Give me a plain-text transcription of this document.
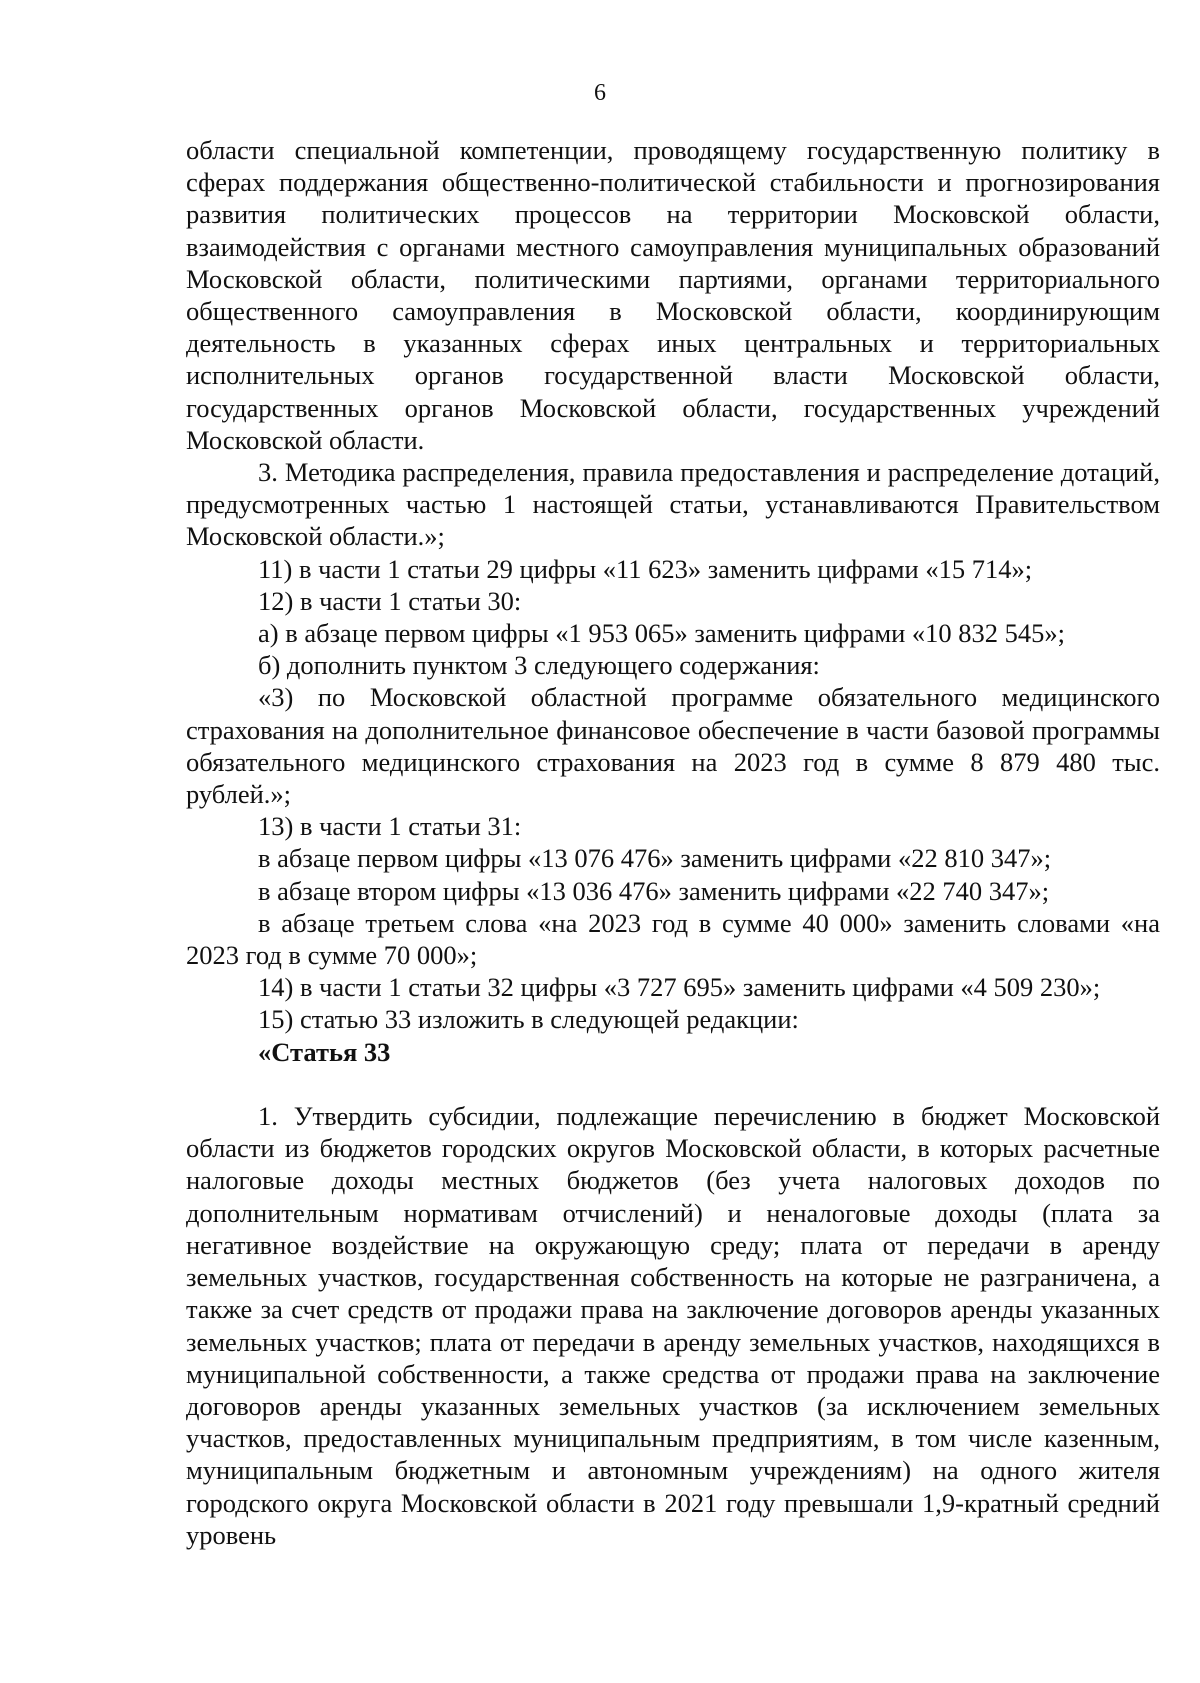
6

области специальной компетенции, проводящему государственную политику в сферах поддержания общественно-политической стабильности и прогнозирования развития политических процессов на территории Московской области, взаимодействия с органами местного самоуправления муниципальных образований Московской области, политическими партиями, органами территориального общественного самоуправления в Московской области, координирующим деятельность в указанных сферах иных центральных и территориальных исполнительных органов государственной власти Московской области, государственных органов Московской области, государственных учреждений Московской области.

3. Методика распределения, правила предоставления и распределение дотаций, предусмотренных частью 1 настоящей статьи, устанавливаются Правительством Московской области.»;

11) в части 1 статьи 29 цифры «11 623» заменить цифрами «15 714»;

12) в части 1 статьи 30:

а) в абзаце первом цифры «1 953 065» заменить цифрами «10 832 545»;

б) дополнить пунктом 3 следующего содержания:

«3) по Московской областной программе обязательного медицинского страхования на дополнительное финансовое обеспечение в части базовой программы обязательного медицинского страхования на 2023 год в сумме 8 879 480 тыс. рублей.»;

13) в части 1 статьи 31:

в абзаце первом цифры «13 076 476» заменить цифрами «22 810 347»;

в абзаце втором цифры «13 036 476» заменить цифрами «22 740 347»;

в абзаце третьем слова «на 2023 год в сумме 40 000» заменить словами «на 2023 год в сумме 70 000»;

14) в части 1 статьи 32 цифры «3 727 695» заменить цифрами «4 509 230»;

15) статью 33 изложить в следующей редакции:

«Статья 33

1. Утвердить субсидии, подлежащие перечислению в бюджет Московской области из бюджетов городских округов Московской области, в которых расчетные налоговые доходы местных бюджетов (без учета налоговых доходов по дополнительным нормативам отчислений) и неналоговые доходы (плата за негативное воздействие на окружающую среду; плата от передачи в аренду земельных участков, государственная собственность на которые не разграничена, а также за счет средств от продажи права на заключение договоров аренды указанных земельных участков; плата от передачи в аренду земельных участков, находящихся в муниципальной собственности, а также средства от продажи права на заключение договоров аренды указанных земельных участков (за исключением земельных участков, предоставленных муниципальным предприятиям, в том числе казенным, муниципальным бюджетным и автономным учреждениям) на одного жителя городского округа Московской области в 2021 году превышали 1,9-кратный средний уровень
